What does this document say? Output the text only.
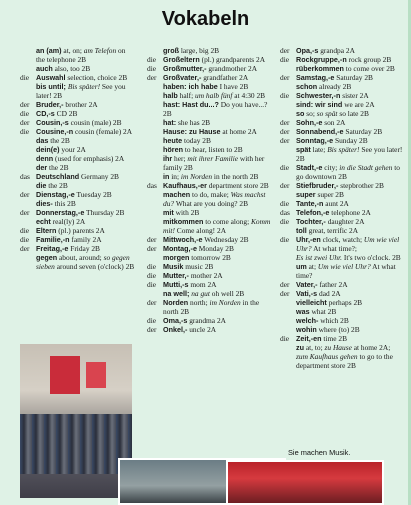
Vokabeln
an (am) at, on; am Telefon on the telephone 2B
auch also, too 2B
die Auswahl selection, choice 2B
bis until; Bis später! See you later! 2B
der Bruder,- brother 2A
die CD,-s CD 2B
der Cousin,-s cousin (male) 2B
die Cousine,-n cousin (female) 2A
das the 2B
dein(e) your 2A
denn (used for emphasis) 2A
der the 2B
das Deutschland Germany 2B
die the 2B
der Dienstag,-e Tuesday 2B
dies- this 2B
der Donnerstag,-e Thursday 2B
echt real(ly) 2A
die Eltern (pl.) parents 2A
die Familie,-n family 2A
der Freitag,-e Friday 2B
gegen about, around; so gegen sieben around seven (o'clock) 2B
groß large, big 2B
die Großeltern (pl.) grandparents 2A
die Großmutter,- grandmother 2A
der Großvater,- grandfather 2A
haben: ich habe I have 2B
halb half; um halb fünf at 4:30 2B
hast: Hast du...? Do you have...? 2B
hat: she has 2B
Hause: zu Hause at home 2A
heute today 2B
hören to hear, listen to 2B
ihr her; mit ihrer Familie with her family 2B
in in; im Norden in the north 2B
das Kaufhaus,-er department store 2B
machen to do, make; Was machst du? What are you doing? 2B
mit with 2B
mitkommen to come along; Komm mit! Come along! 2A
der Mittwoch,-e Wednesday 2B
der Montag,-e Monday 2B
morgen tomorrow 2B
die Musik music 2B
die Mutter,- mother 2A
die Mutti,-s mom 2A
na well; na gut oh well 2B
der Norden north; im Norden in the north 2B
die Oma,-s grandma 2A
der Onkel,- uncle 2A
der Opa,-s grandpa 2A
die Rockgruppe,-n rock group 2B
rüberkommen to come over 2B
der Samstag,-e Saturday 2B
schon already 2B
die Schwester,-n sister 2A
sind: wir sind we are 2A
so so; so spät so late 2B
der Sohn,-e son 2A
der Sonnabend,-e Saturday 2B
der Sonntag,-e Sunday 2B
spät late; Bis später! See you later! 2B
die Stadt,-e city; in die Stadt gehen to go downtown 2B
der Stiefbruder,- stepbrother 2B
super super 2B
die Tante,-n aunt 2A
das Telefon,-e telephone 2A
die Tochter,- daughter 2A
toll great, terrific 2A
die Uhr,-en clock, watch; Um wie viel Uhr? At what time?;
Es ist zwei Uhr. It's two o'clock. 2B
um at; Um wie viel Uhr? At what time?
der Vater,- father 2A
der Vati,-s dad 2A
vielleicht perhaps 2B
was what 2B
welch- which 2B
wohin where (to) 2B
die Zeit,-en time 2B
zu at, to; zu Hause at home 2A;
zum Kaufhaus gehen to go to the department store 2B
Sie machen Musik.
